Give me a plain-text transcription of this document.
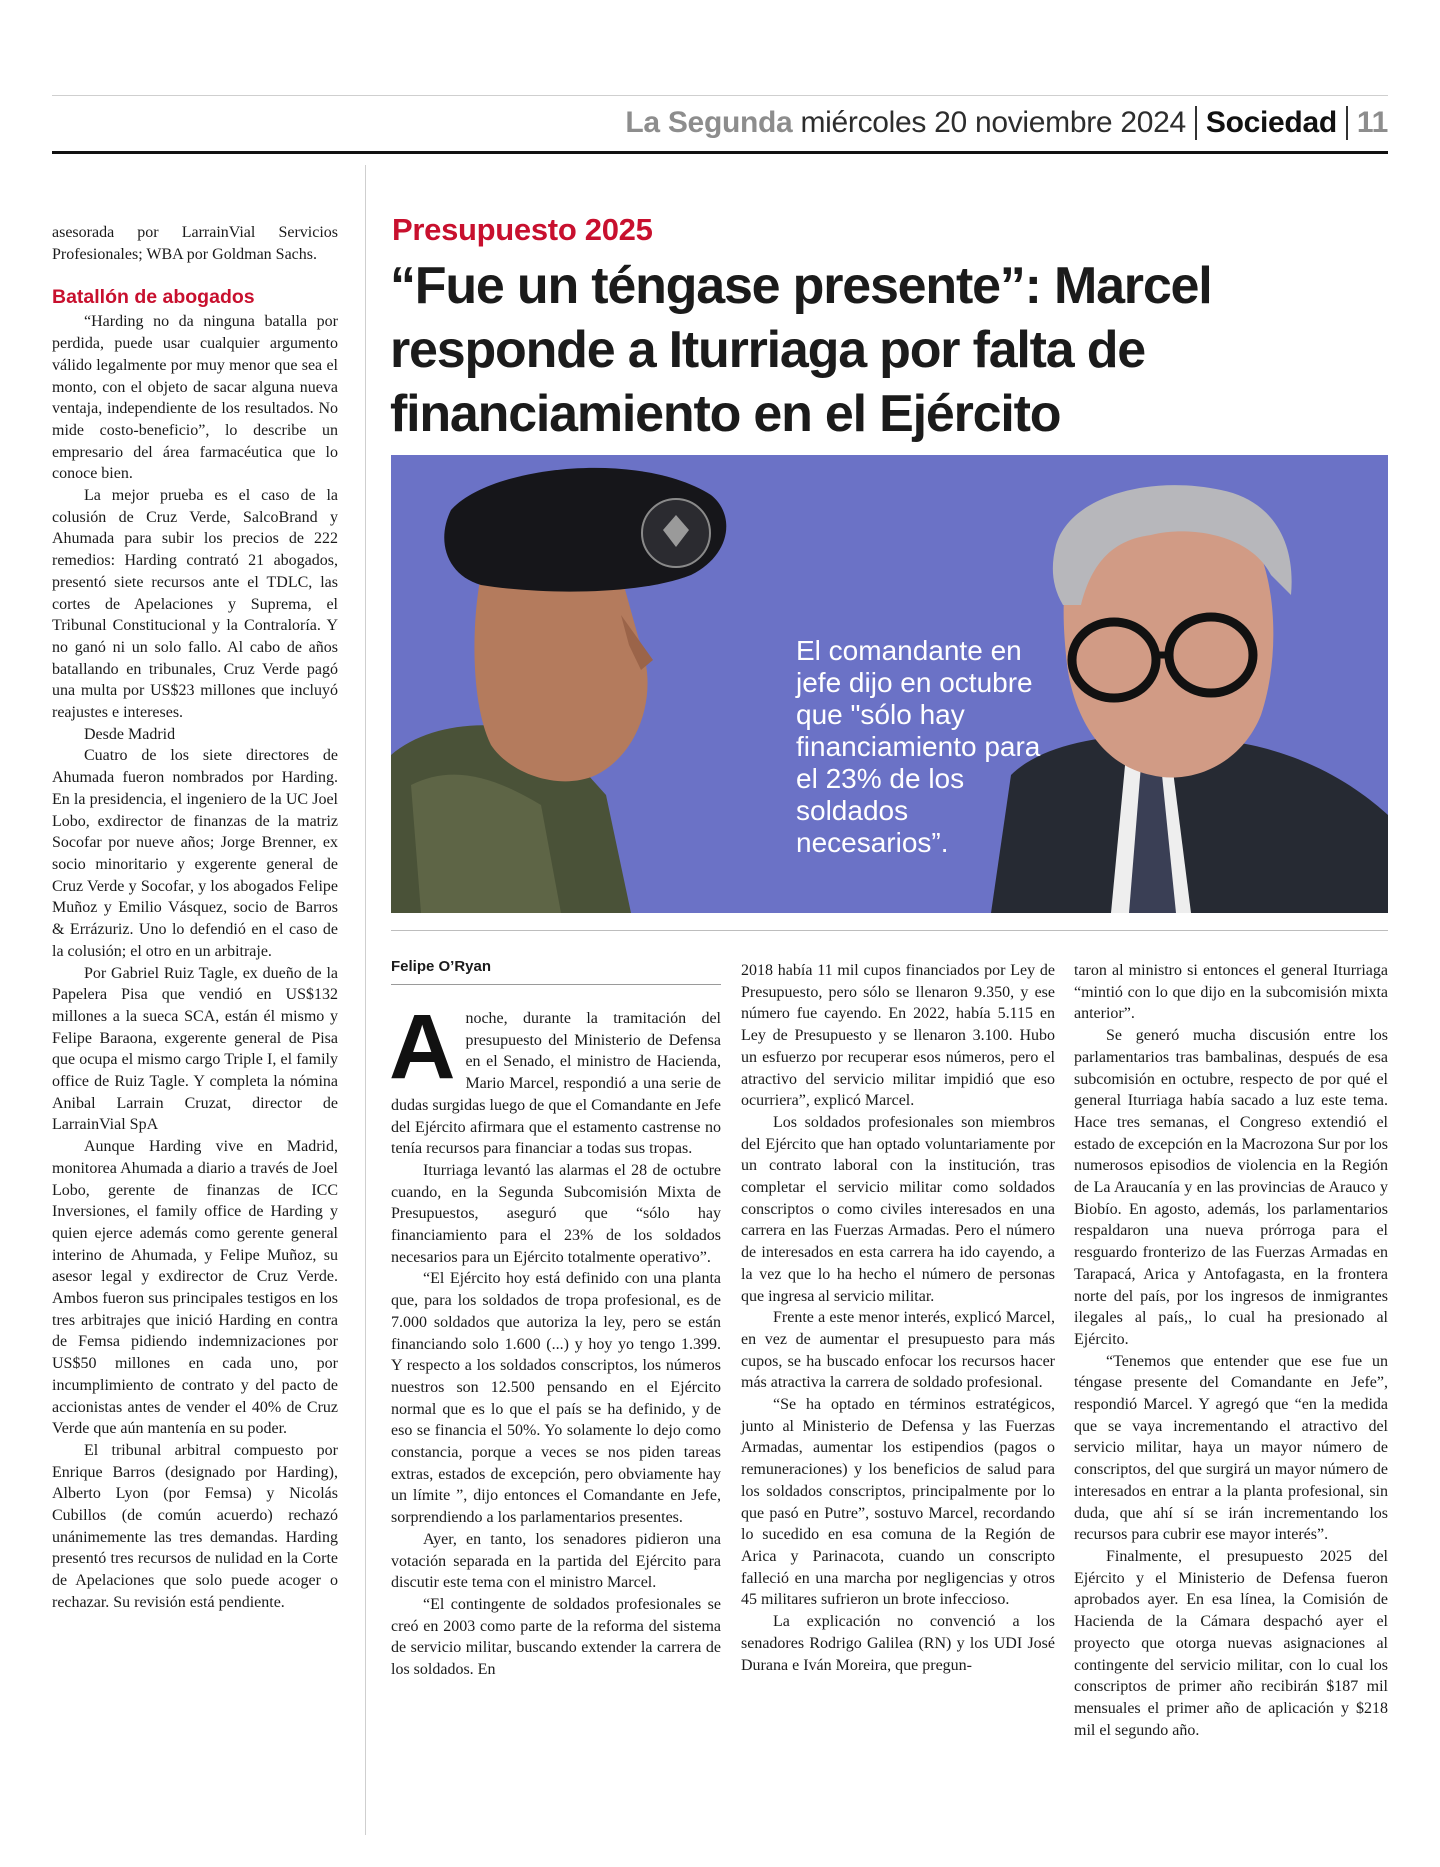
La Segunda miércoles 20 noviembre 2024 Sociedad 11

asesorada por LarrainVial Servicios Profesionales; WBA por Goldman Sachs.

Batallón de abogados

“Harding no da ninguna batalla por perdida, puede usar cualquier argumento válido legalmente por muy menor que sea el monto, con el objeto de sacar alguna nueva ventaja, independiente de los resultados. No mide costo-beneficio”, lo describe un empresario del área farmacéutica que lo conoce bien.

La mejor prueba es el caso de la colusión de Cruz Verde, SalcoBrand y Ahumada para subir los precios de 222 remedios: Harding contrató 21 abogados, presentó siete recursos ante el TDLC, las cortes de Apelaciones y Suprema, el Tribunal Constitucional y la Contraloría. Y no ganó ni un solo fallo. Al cabo de años batallando en tribunales, Cruz Verde pagó una multa por US$23 millones que incluyó reajustes e intereses.

Desde Madrid

Cuatro de los siete directores de Ahumada fueron nombrados por Harding. En la presidencia, el ingeniero de la UC Joel Lobo, exdirector de finanzas de la matriz Socofar por nueve años; Jorge Brenner, ex socio minoritario y exgerente general de Cruz Verde y Socofar, y los abogados Felipe Muñoz y Emilio Vásquez, socio de Barros & Errázuriz. Uno lo defendió en el caso de la colusión; el otro en un arbitraje.

Por Gabriel Ruiz Tagle, ex dueño de la Papelera Pisa que vendió en US$132 millones a la sueca SCA, están él mismo y Felipe Baraona, exgerente general de Pisa que ocupa el mismo cargo Triple I, el family office de Ruiz Tagle. Y completa la nómina Anibal Larrain Cruzat, director de LarrainVial SpA

Aunque Harding vive en Madrid, monitorea Ahumada a diario a través de Joel Lobo, gerente de finanzas de ICC Inversiones, el family office de Harding y quien ejerce además como gerente general interino de Ahumada, y Felipe Muñoz, su asesor legal y exdirector de Cruz Verde. Ambos fueron sus principales testigos en los tres arbitrajes que inició Harding en contra de Femsa pidiendo indemnizaciones por US$50 millones en cada uno, por incumplimiento de contrato y del pacto de accionistas antes de vender el 40% de Cruz Verde que aún mantenía en su poder.

El tribunal arbitral compuesto por Enrique Barros (designado por Harding), Alberto Lyon (por Femsa) y Nicolás Cubillos (de común acuerdo) rechazó unánimemente las tres demandas. Harding presentó tres recursos de nulidad en la Corte de Apelaciones que solo puede acoger o rechazar. Su revisión está pendiente.

Presupuesto 2025
“Fue un téngase presente”: Marcel responde a Iturriaga por falta de financiamiento en el Ejército
El comandante en jefe dijo en octubre que "sólo hay financiamiento para el 23% de los soldados necesarios”.
Felipe O’Ryan

Anoche, durante la tramitación del presupuesto del Ministerio de Defensa en el Senado, el ministro de Hacienda, Mario Marcel, respondió a una serie de dudas surgidas luego de que el Comandante en Jefe del Ejército afirmara que el estamento castrense no tenía recursos para financiar a todas sus tropas.

Iturriaga levantó las alarmas el 28 de octubre cuando, en la Segunda Subcomisión Mixta de Presupuestos, aseguró que “sólo hay financiamiento para el 23% de los soldados necesarios para un Ejército totalmente operativo”.

“El Ejército hoy está definido con una planta que, para los soldados de tropa profesional, es de 7.000 soldados que autoriza la ley, pero se están financiando solo 1.600 (...) y hoy yo tengo 1.399. Y respecto a los soldados conscriptos, los números nuestros son 12.500 pensando en el Ejército normal que es lo que el país se ha definido, y de eso se financia el 50%. Yo solamente lo dejo como constancia, porque a veces se nos piden tareas extras, estados de excepción, pero obviamente hay un límite ”, dijo entonces el Comandante en Jefe, sorprendiendo a los parlamentarios presentes.

Ayer, en tanto, los senadores pidieron una votación separada en la partida del Ejército para discutir este tema con el ministro Marcel.

“El contingente de soldados profesionales se creó en 2003 como parte de la reforma del sistema de servicio militar, buscando extender la carrera de los soldados. En

2018 había 11 mil cupos financiados por Ley de Presupuesto, pero sólo se llenaron 9.350, y ese número fue cayendo. En 2022, había 5.115 en Ley de Presupuesto y se llenaron 3.100. Hubo un esfuerzo por recuperar esos números, pero el atractivo del servicio militar impidió que eso ocurriera”, explicó Marcel.

Los soldados profesionales son miembros del Ejército que han optado voluntariamente por un contrato laboral con la institución, tras completar el servicio militar como soldados conscriptos o como civiles interesados en una carrera en las Fuerzas Armadas. Pero el número de interesados en esta carrera ha ido cayendo, a la vez que lo ha hecho el número de personas que ingresa al servicio militar.

Frente a este menor interés, explicó Marcel, en vez de aumentar el presupuesto para más cupos, se ha buscado enfocar los recursos hacer más atractiva la carrera de soldado profesional.

“Se ha optado en términos estratégicos, junto al Ministerio de Defensa y las Fuerzas Armadas, aumentar los estipendios (pagos o remuneraciones) y los beneficios de salud para los soldados conscriptos, principalmente por lo que pasó en Putre”, sostuvo Marcel, recordando lo sucedido en esa comuna de la Región de Arica y Parinacota, cuando un conscripto falleció en una marcha por negligencias y otros 45 militares sufrieron un brote infeccioso.

La explicación no convenció a los senadores Rodrigo Galilea (RN) y los UDI José Durana e Iván Moreira, que pregun-

taron al ministro si entonces el general Iturriaga “mintió con lo que dijo en la subcomisión mixta anterior”.

Se generó mucha discusión entre los parlamentarios tras bambalinas, después de esa subcomisión en octubre, respecto de por qué el general Iturriaga había sacado a luz este tema. Hace tres semanas, el Congreso extendió el estado de excepción en la Macrozona Sur por los numerosos episodios de violencia en la Región de La Araucanía y en las provincias de Arauco y Biobío. En agosto, además, los parlamentarios respaldaron una nueva prórroga para el resguardo fronterizo de las Fuerzas Armadas en Tarapacá, Arica y Antofagasta, en la frontera norte del país, por los ingresos de inmigrantes ilegales al país,, lo cual ha presionado al Ejército.

“Tenemos que entender que ese fue un téngase presente del Comandante en Jefe”, respondió Marcel. Y agregó que “en la medida que se vaya incrementando el atractivo del servicio militar, haya un mayor número de conscriptos, del que surgirá un mayor número de interesados en entrar a la planta profesional, sin duda, que ahí sí se irán incrementando los recursos para cubrir ese mayor interés”.

Finalmente, el presupuesto 2025 del Ejército y el Ministerio de Defensa fueron aprobados ayer. En esa línea, la Comisión de Hacienda de la Cámara despachó ayer el proyecto que otorga nuevas asignaciones al contingente del servicio militar, con lo cual los conscriptos de primer año recibirán $187 mil mensuales el primer año de aplicación y $218 mil el segundo año.
